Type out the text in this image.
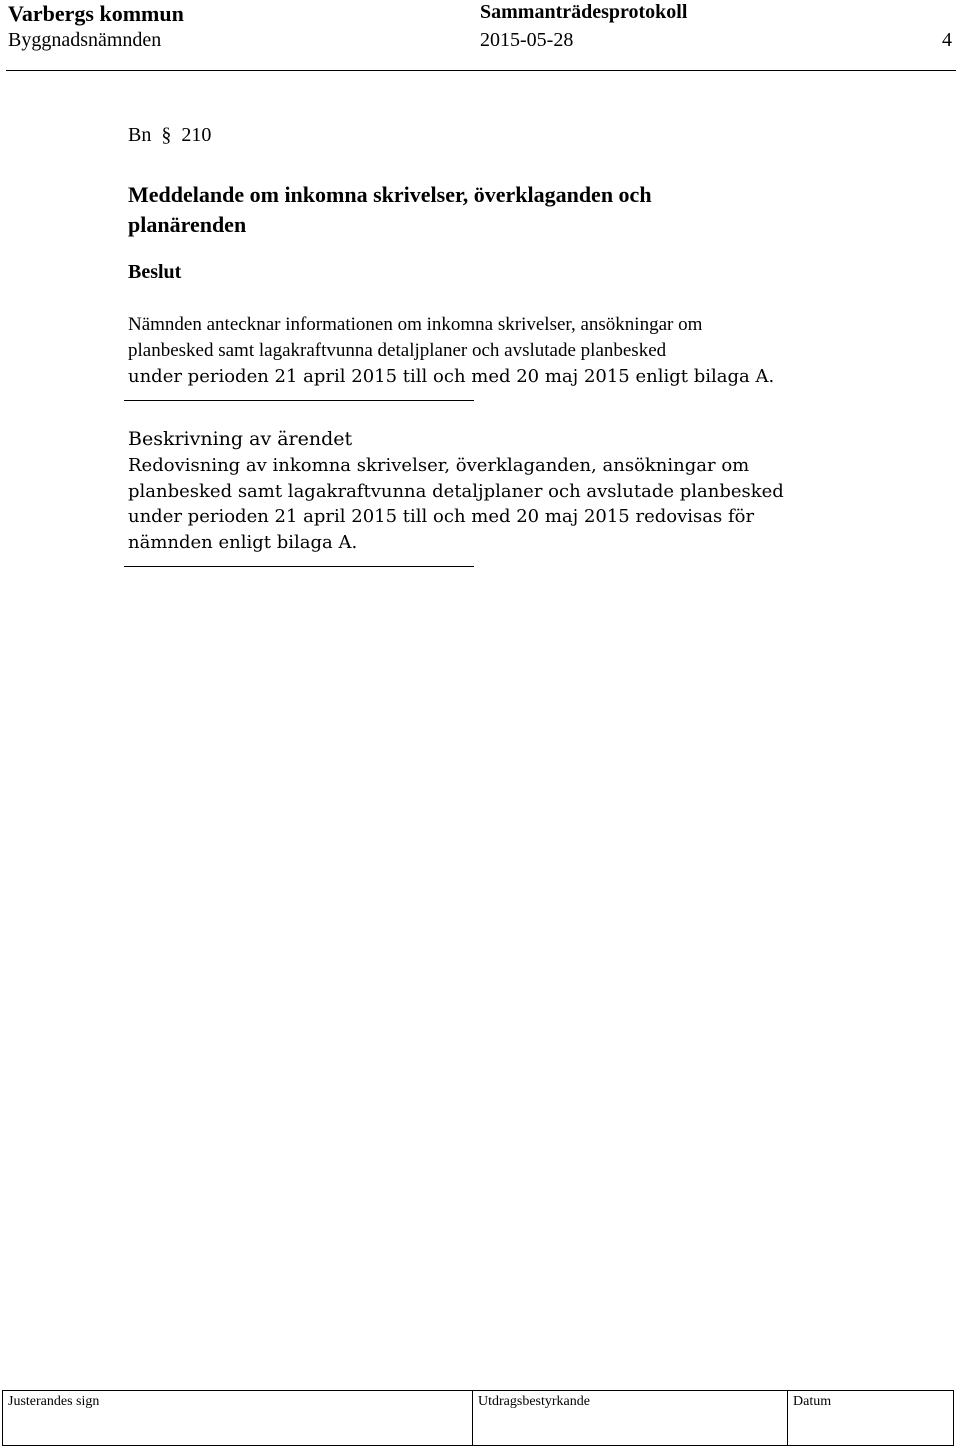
Varbergs kommun	Sammanträdesprotokoll
Byggnadsnämnden	2015-05-28	4
Bn § 210
Meddelande om inkomna skrivelser, överklaganden och
planärenden
Beslut
Nämnden antecknar informationen om inkomna skrivelser, ansökningar om
planbesked samt lagakraftvunna detaljplaner och avslutade planbesked
under perioden 21 april 2015 till och med 20 maj 2015 enligt bilaga A.
Beskrivning av ärendet
Redovisning av inkomna skrivelser, överklaganden, ansökningar om
planbesked samt lagakraftvunna detaljplaner och avslutade planbesked
under perioden 21 april 2015 till och med 20 maj 2015 redovisas för
nämnden enligt bilaga A.
Justerandes sign	Utdragsbestyrkande	Datum
